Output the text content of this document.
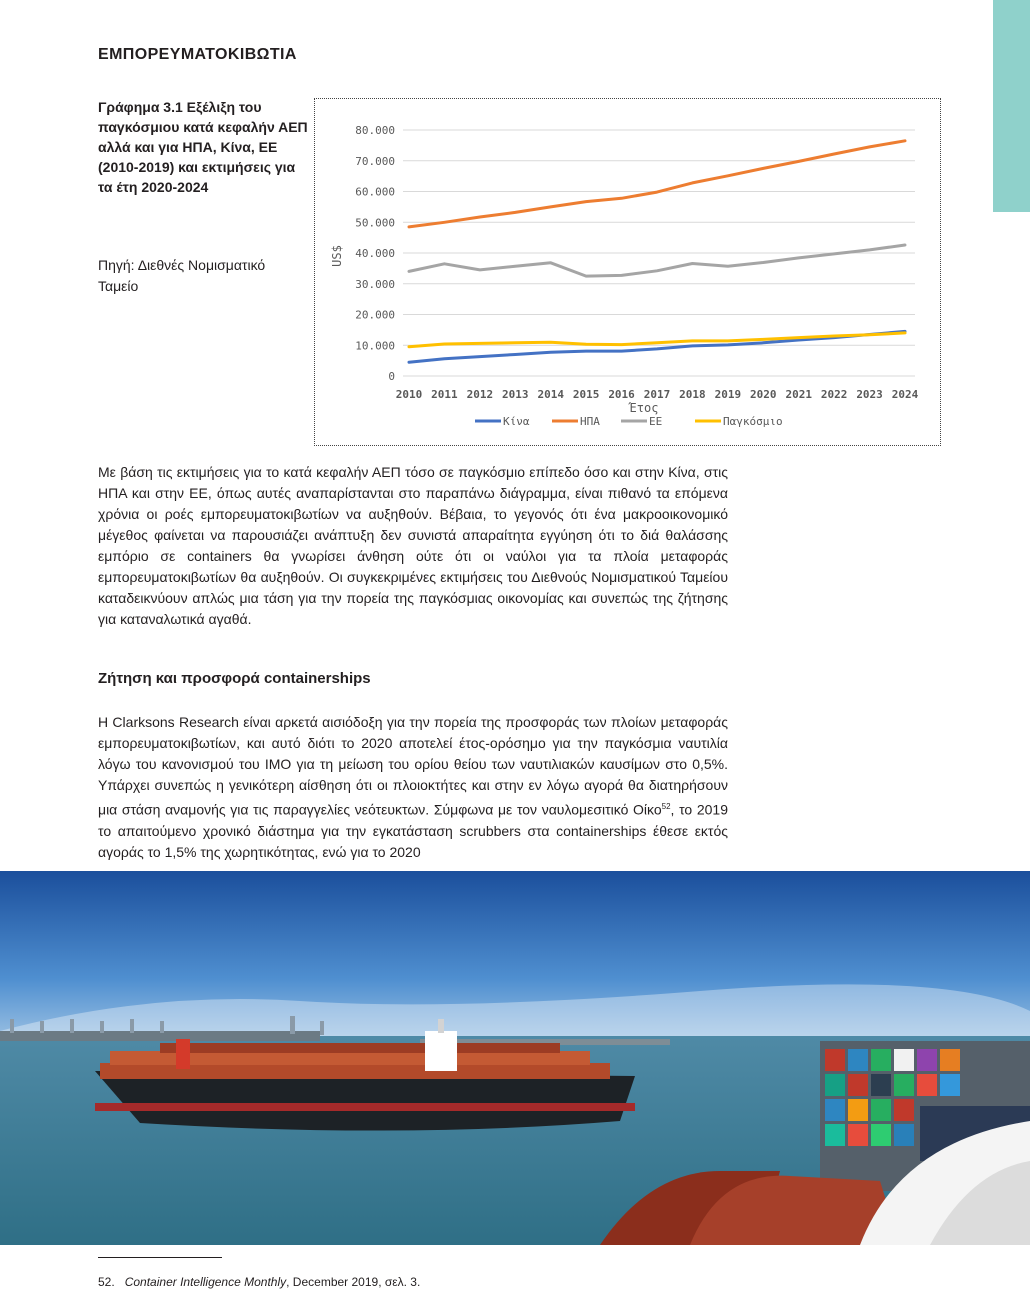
ΕΜΠΟΡΕΥΜΑΤΟΚΙΒΩΤΙΑ
Γράφημα 3.1 Εξέλιξη του παγκόσμιου κατά κεφαλήν ΑΕΠ αλλά και για ΗΠΑ, Κίνα, ΕΕ (2010-2019) και εκτιμήσεις για τα έτη 2020-2024
Πηγή: Διεθνές Νομισματικό Ταμείο
0
10.000
20.000
30.000
40.000
50.000
60.000
70.000
80.000
2010 2011 2012 2013 2014 2015 2016 2017 2018 2019 2020 2021 2022 2023 2024
US$
Έτος
Κίνα	ΗΠΑ	ΕΕ	Παγκόσμιο
Με βάση τις εκτιμήσεις για το κατά κεφαλήν ΑΕΠ τόσο σε παγκόσμιο επίπεδο όσο και στην Κίνα, στις ΗΠΑ και στην ΕΕ, όπως αυτές αναπαρίστανται στο παραπάνω διάγραμμα, είναι πιθανό τα επόμενα χρόνια οι ροές εμπορευματοκιβωτίων να αυξηθούν. Βέβαια, το γεγονός ότι ένα μακροοικονομικό μέγεθος φαίνεται να παρουσιάζει ανάπτυξη δεν συνιστά απαραίτητα εγγύηση ότι το διά θαλάσσης εμπόριο σε containers θα γνωρίσει άνθηση ούτε ότι οι ναύλοι για τα πλοία μεταφοράς εμπορευματοκιβωτίων θα αυξηθούν. Οι συγκεκριμένες εκτιμήσεις του Διεθνούς Νομισματικού Ταμείου καταδεικνύουν απλώς μια τάση για την πορεία της παγκόσμιας οικονομίας και συνεπώς της ζήτησης για καταναλωτικά αγαθά.
Ζήτηση και προσφορά containerships
Η Clarksons Research είναι αρκετά αισιόδοξη για την πορεία της προσφοράς των πλοίων μεταφοράς εμπορευματοκιβωτίων, και αυτό διότι το 2020 αποτελεί έτος-ορόσημο για την παγκόσμια ναυτιλία λόγω του κανονισμού του IMO για τη μείωση του ορίου θείου των ναυτιλιακών καυσίμων στο 0,5%. Υπάρχει συνεπώς η γενικότερη αίσθηση ότι οι πλοιοκτήτες και στην εν λόγω αγορά θα διατηρήσουν μια στάση αναμονής για τις παραγγελίες νεότευκτων. Σύμφωνα με τον ναυλομεσιτικό Οίκο$^{52}$, το 2019 το απαιτούμενο χρονικό διάστημα για την εγκατάσταση scrubbers στα containerships έθεσε εκτός αγοράς το 1,5% της χωρητικότητας, ενώ για το 2020
52. Container Intelligence Monthly, December 2019, σελ. 3.
